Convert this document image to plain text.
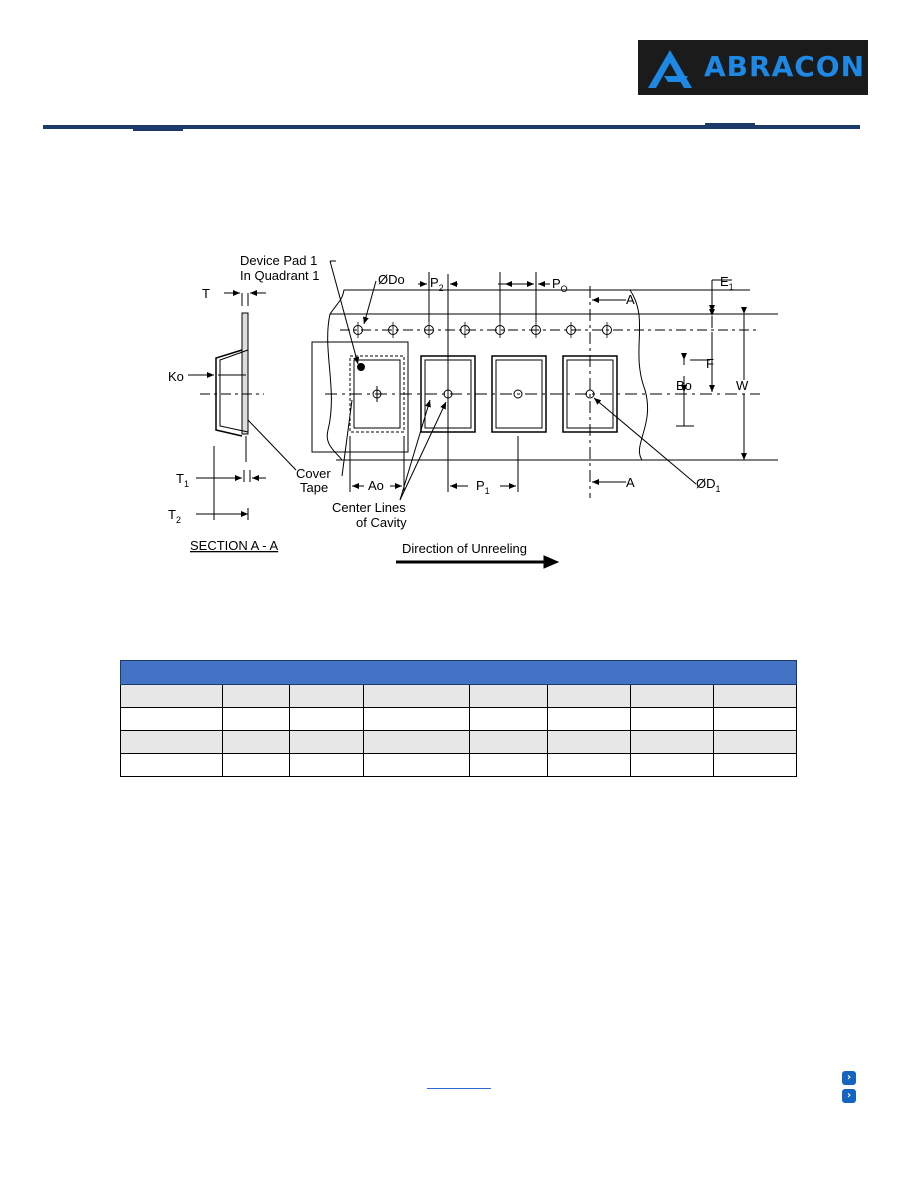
ABRACON
Device Pad 1
In Quadrant 1
T
Ko
$T_1$
$T_2$
Cover
Tape
SECTION A - A
ØDo $P_2$	$P_O$
A
$E_1$
F
Bo	W
Ao	$P_1$
A	$ØD_1$
Center Lines
of Cavity
Direction of Unreeling

›
›
